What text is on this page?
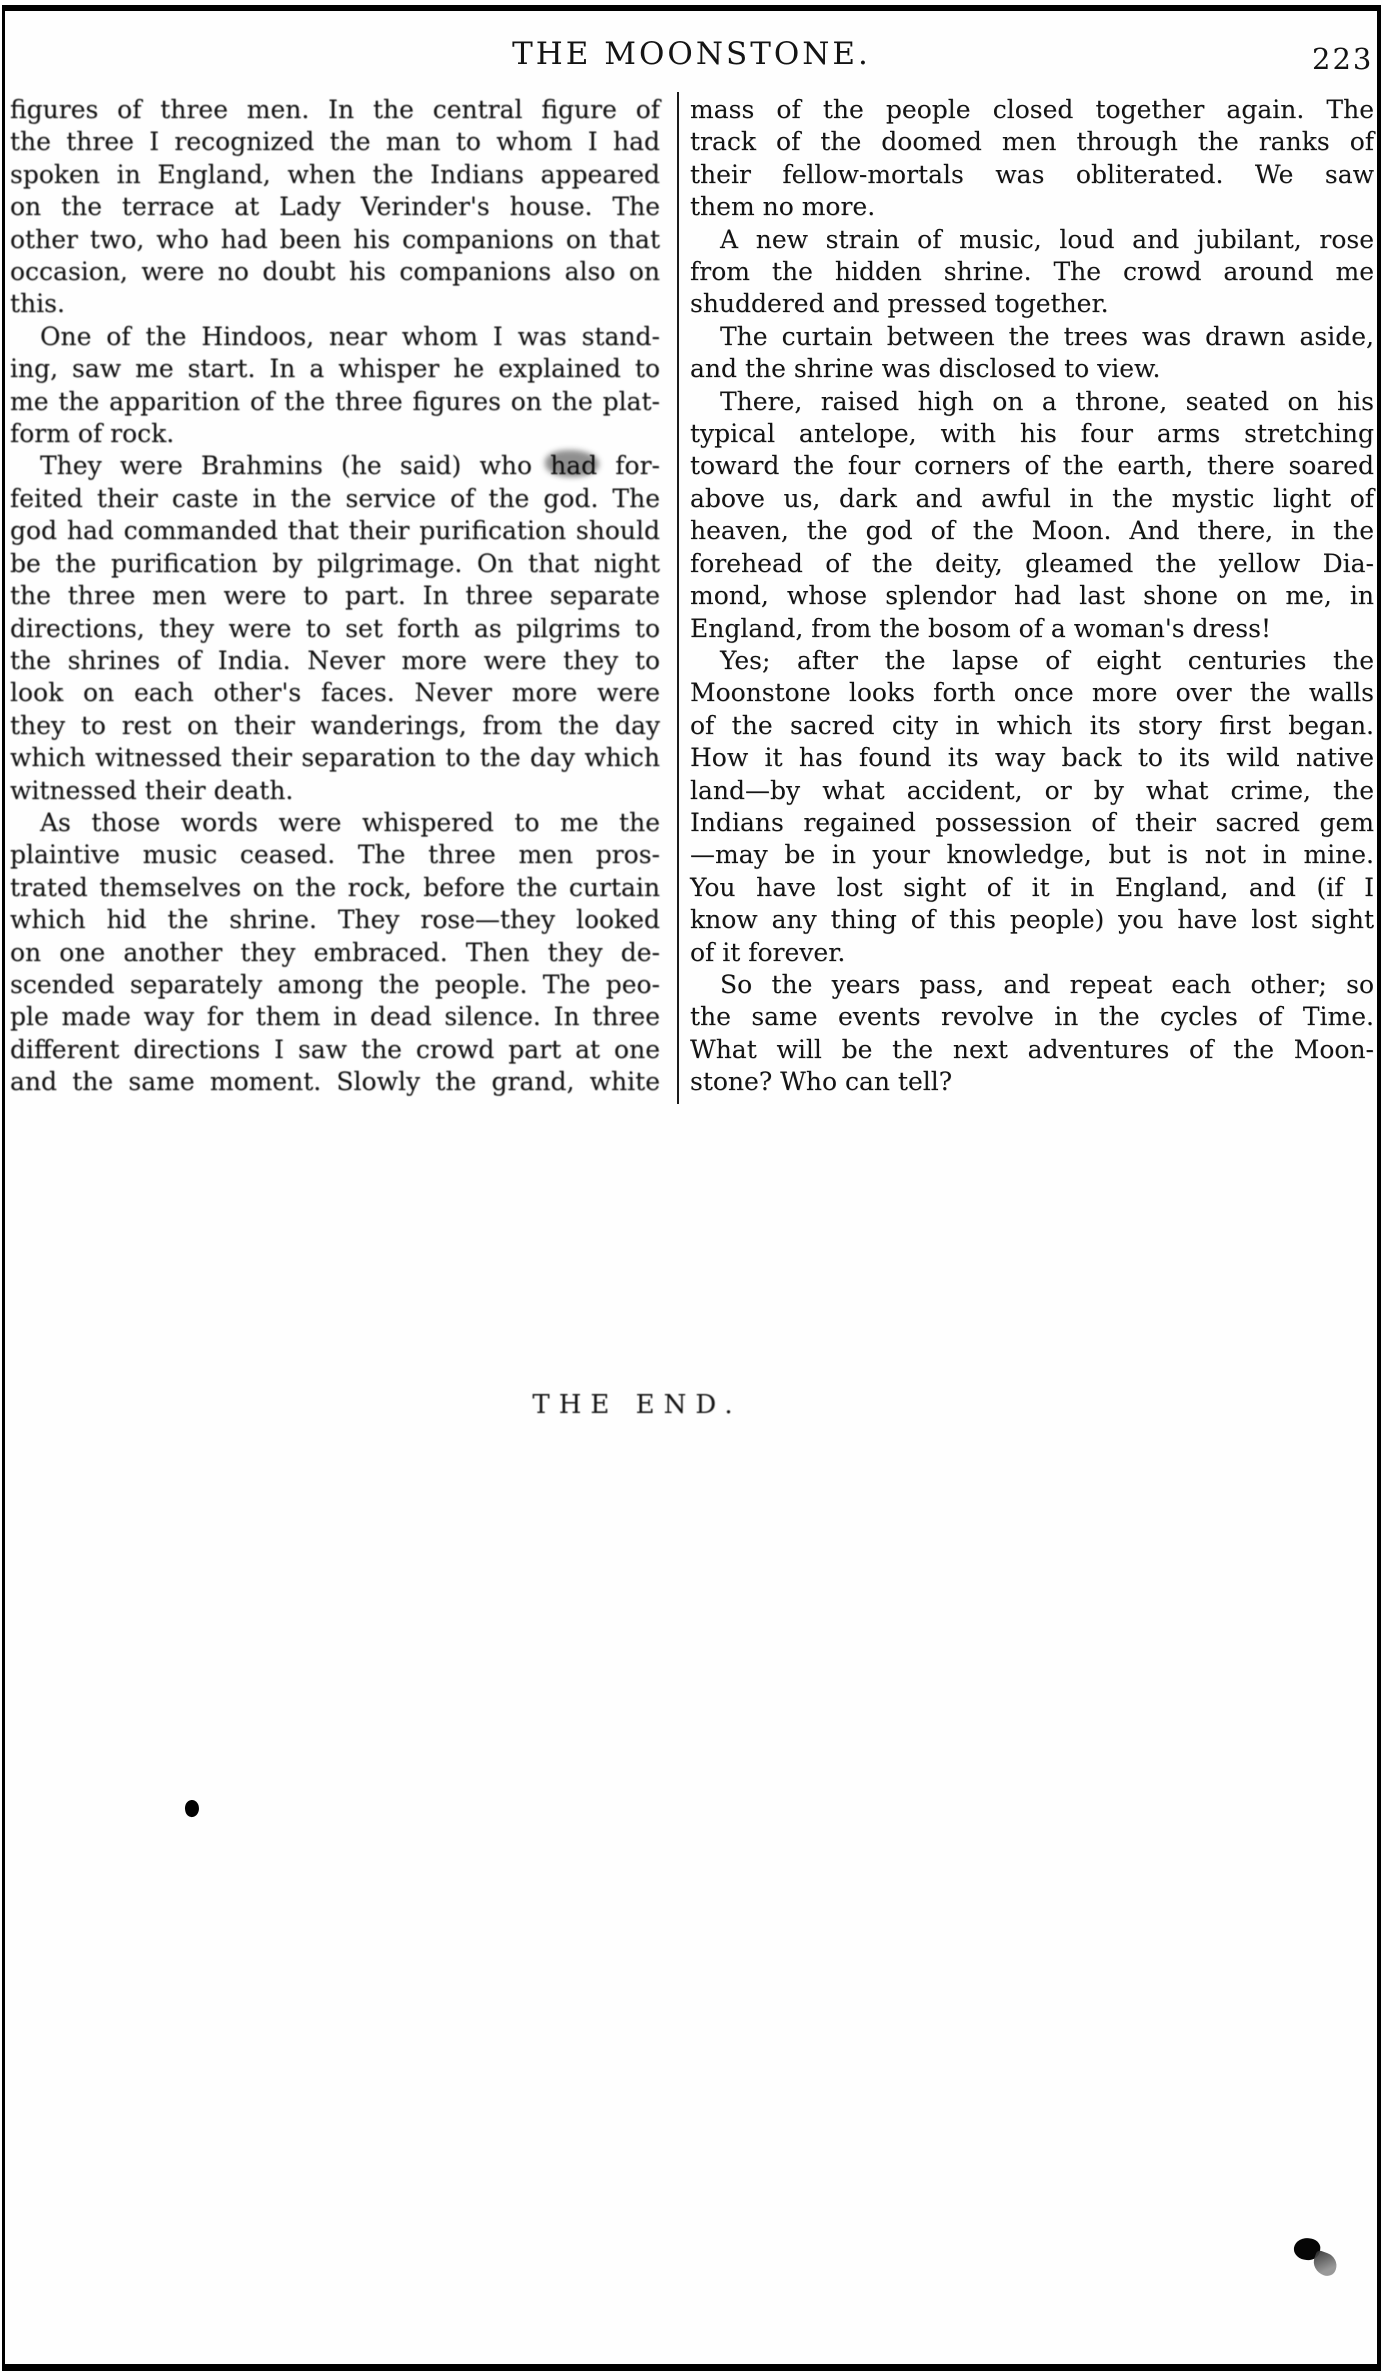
THE MOONSTONE.	223
figures of three men. In the central figure of
the three I recognized the man to whom I had
spoken in England, when the Indians appeared
on the terrace at Lady Verinder's house. The
other two, who had been his companions on that
occasion, were no doubt his companions also on
this.
One of the Hindoos, near whom I was stand-
ing, saw me start. In a whisper he explained to
me the apparition of the three figures on the plat-
form of rock.
They were Brahmins (he said) who had for-
feited their caste in the service of the god. The
god had commanded that their purification should
be the purification by pilgrimage. On that night
the three men were to part. In three separate
directions, they were to set forth as pilgrims to
the shrines of India. Never more were they to
look on each other's faces. Never more were
they to rest on their wanderings, from the day
which witnessed their separation to the day which
witnessed their death.
As those words were whispered to me the
plaintive music ceased. The three men pros-
trated themselves on the rock, before the curtain
which hid the shrine. They rose—they looked
on one another they embraced. Then they de-
scended separately among the people. The peo-
ple made way for them in dead silence. In three
different directions I saw the crowd part at one
and the same moment. Slowly the grand, white
mass of the people closed together again. The
track of the doomed men through the ranks of
their fellow-mortals was obliterated. We saw
them no more.
A new strain of music, loud and jubilant, rose
from the hidden shrine. The crowd around me
shuddered and pressed together.
The curtain between the trees was drawn aside,
and the shrine was disclosed to view.
There, raised high on a throne, seated on his
typical antelope, with his four arms stretching
toward the four corners of the earth, there soared
above us, dark and awful in the mystic light of
heaven, the god of the Moon. And there, in the
forehead of the deity, gleamed the yellow Dia-
mond, whose splendor had last shone on me, in
England, from the bosom of a woman's dress!
Yes; after the lapse of eight centuries the
Moonstone looks forth once more over the walls
of the sacred city in which its story first began.
How it has found its way back to its wild native
land—by what accident, or by what crime, the
Indians regained possession of their sacred gem
—may be in your knowledge, but is not in mine.
You have lost sight of it in England, and (if I
know any thing of this people) you have lost sight
of it forever.
So the years pass, and repeat each other; so
the same events revolve in the cycles of Time.
What will be the next adventures of the Moon-
stone? Who can tell?
THE END.
